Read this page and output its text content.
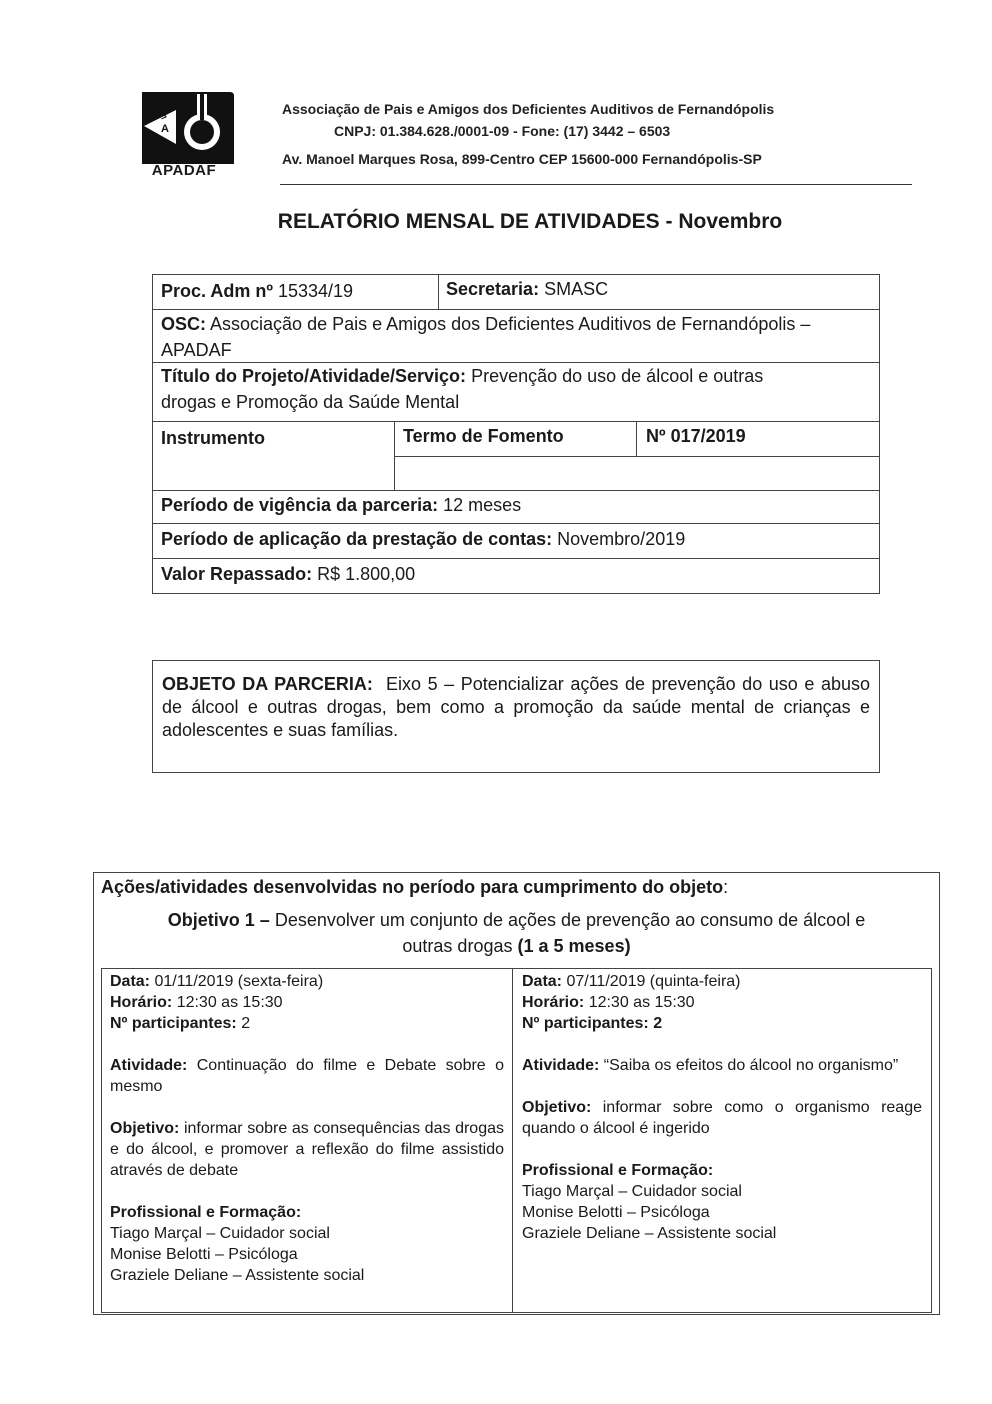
A
>
APADAF
Associação de Pais e Amigos dos Deficientes Auditivos de Fernandópolis
CNPJ: 01.384.628./0001-09 - Fone: (17) 3442 – 6503
Av. Manoel Marques Rosa, 899-Centro CEP 15600-000 Fernandópolis-SP
RELATÓRIO MENSAL DE ATIVIDADES - Novembro
Proc. Adm nº 15334/19	Secretaria: SMASC
OSC: Associação de Pais e Amigos dos Deficientes Auditivos de Fernandópolis –
APADAF
Título do Projeto/Atividade/Serviço: Prevenção do uso de álcool e outras
drogas e Promoção da Saúde Mental
Instrumento	Termo de Fomento	Nº 017/2019
Período de vigência da parceria: 12 meses
Período de aplicação da prestação de contas: Novembro/2019
Valor Repassado: R$ 1.800,00
OBJETO DA PARCERIA: Eixo 5 – Potencializar ações de prevenção do uso e abuso de álcool e outras drogas, bem como a promoção da saúde mental de crianças e adolescentes e suas famílias.
Ações/atividades desenvolvidas no período para cumprimento do objeto:
Objetivo 1 – Desenvolver um conjunto de ações de prevenção ao consumo de álcool e
outras drogas (1 a 5 meses)

Data: 01/11/2019 (sexta-feira)

Horário: 12:30 as 15:30

Nº participantes: 2

Atividade: Continuação do filme e Debate sobre o mesmo

Objetivo: informar sobre as consequências das drogas e do álcool, e promover a reflexão do filme assistido através de debate

Profissional e Formação:

Tiago Marçal – Cuidador social

Monise Belotti – Psicóloga

Graziele Deliane – Assistente social

Data: 07/11/2019 (quinta-feira)

Horário: 12:30 as 15:30

Nº participantes: 2

Atividade: “Saiba os efeitos do álcool no organismo”

Objetivo: informar sobre como o organismo reage quando o álcool é ingerido

Profissional e Formação:

Tiago Marçal – Cuidador social

Monise Belotti – Psicóloga

Graziele Deliane – Assistente social
